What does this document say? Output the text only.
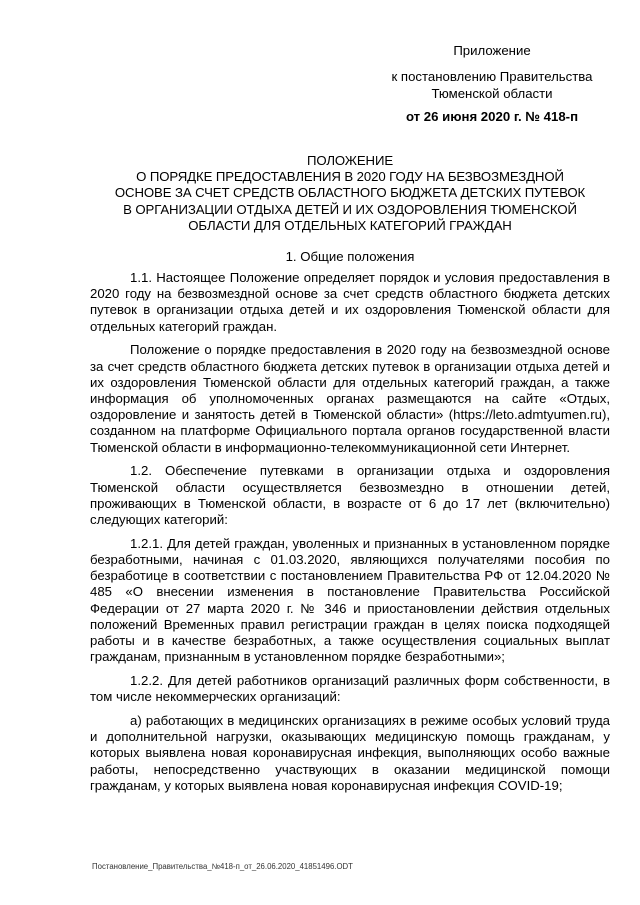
Приложение
к постановлению Правительства
Тюменской области
от 26 июня 2020 г. № 418-п
ПОЛОЖЕНИЕ
О ПОРЯДКЕ ПРЕДОСТАВЛЕНИЯ В 2020 ГОДУ НА БЕЗВОЗМЕЗДНОЙ
ОСНОВЕ ЗА СЧЕТ СРЕДСТВ ОБЛАСТНОГО БЮДЖЕТА ДЕТСКИХ ПУТЕВОК
В ОРГАНИЗАЦИИ ОТДЫХА ДЕТЕЙ И ИХ ОЗДОРОВЛЕНИЯ ТЮМЕНСКОЙ
ОБЛАСТИ ДЛЯ ОТДЕЛЬНЫХ КАТЕГОРИЙ ГРАЖДАН
1. Общие положения

1.1. Настоящее Положение определяет порядок и условия предоставления в 2020 году на безвозмездной основе за счет средств областного бюджета детских путевок в организации отдыха детей и их оздоровления Тюменской области для отдельных категорий граждан.

Положение о порядке предоставления в 2020 году на безвозмездной основе за счет средств областного бюджета детских путевок в организации отдыха детей и их оздоровления Тюменской области для отдельных категорий граждан, а также информация об уполномоченных органах размещаются на сайте «Отдых, оздоровление и занятость детей в Тюменской области» (https://leto.admtyumen.ru), созданном на платформе Официального портала органов государственной власти Тюменской области в информационно-телекоммуникационной сети Интернет.

1.2. Обеспечение путевками в организации отдыха и оздоровления Тюменской области осуществляется безвозмездно в отношении детей, проживающих в Тюменской области, в возрасте от 6 до 17 лет (включительно) следующих категорий:

1.2.1. Для детей граждан, уволенных и признанных в установленном порядке безработными, начиная с 01.03.2020, являющихся получателями пособия по безработице в соответствии с постановлением Правительства РФ от 12.04.2020 № 485 «О внесении изменения в постановление Правительства Российской Федерации от 27 марта 2020 г. № 346 и приостановлении действия отдельных положений Временных правил регистрации граждан в целях поиска подходящей работы и в качестве безработных, а также осуществления социальных выплат гражданам, признанным в установленном порядке безработными»;

1.2.2. Для детей работников организаций различных форм собственности, в том числе некоммерческих организаций:

а) работающих в медицинских организациях в режиме особых условий труда и дополнительной нагрузки, оказывающих медицинскую помощь гражданам, у которых выявлена новая коронавирусная инфекция, выполняющих особо важные работы, непосредственно участвующих в оказании медицинской помощи гражданам, у которых выявлена новая коронавирусная инфекция COVID-19;

Постановление_Правительства_№418-п_от_26.06.2020_41851496.ODT
